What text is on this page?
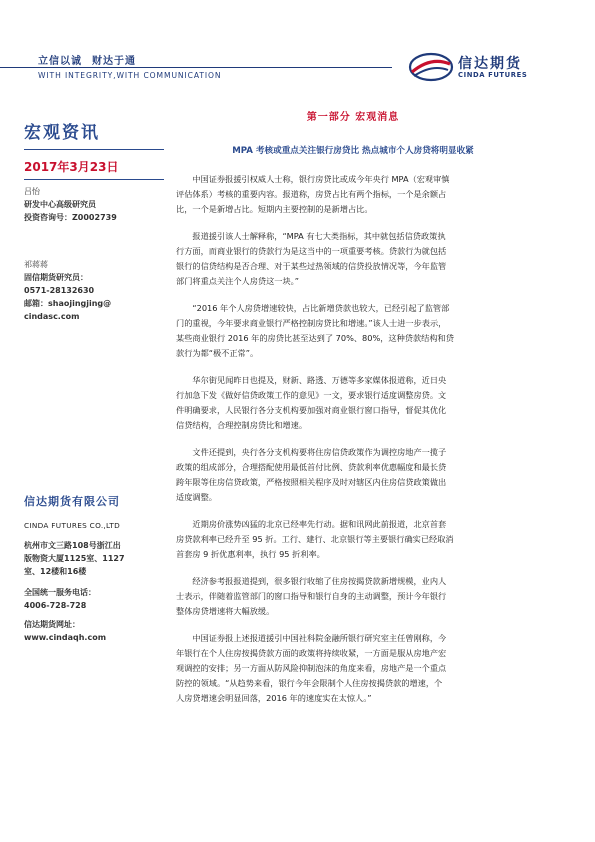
立信以诚 财达于通
WITH INTEGRITY,WITH COMMUNICATION
信达期货
CINDA FUTURES
宏观资讯
2017年3月23日
吕怡
研发中心高级研究员
投资咨询号：Z0002739
祁蒋蒋
固信期货研究员：
0571-28132630
邮箱：shaojingjing@
cindasc.com
信达期货有限公司
CINDA FUTURES CO.,LTD
杭州市文三路108号浙江出
版物资大厦1125室、1127
室、12楼和16楼
全国统一服务电话：
4006-728-728
信达期货网址：
www.cindaqh.com
第一部分 宏观消息
MPA 考核或重点关注银行房贷比 热点城市个人房贷将明显收紧

　　中国证券报援引权威人士称，银行房贷比或成今年央行 MPA（宏观审慎

评估体系）考核的重要内容。报道称，房贷占比有两个指标，一个是余额占

比，一个是新增占比。短期内主要控制的是新增占比。

　　报道援引该人士解释称，“MPA 有七大类指标，其中就包括信贷政策执

行方面，而商业银行的贷款行为是这当中的一项重要考核。贷款行为就包括

银行的信贷结构是否合理、对于某些过热领域的信贷投放情况等，今年监管

部门将重点关注个人房贷这一块。”

　　“2016 年个人房贷增速较快，占比新增贷款也较大，已经引起了监管部

门的重视，今年要求商业银行严格控制房贷比和增速。”该人士进一步表示，

某些商业银行 2016 年的房贷比甚至达到了 70%、80%，这种贷款结构和贷

款行为都“极不正常”。

　　华尔街见闻昨日也提及，财新、路透、万德等多家媒体报道称，近日央

行加急下发《做好信贷政策工作的意见》一文，要求银行适度调整房贷。文

件明确要求，人民银行各分支机构要加强对商业银行窗口指导，督促其优化

信贷结构，合理控制房贷比和增速。

　　文件还提到，央行各分支机构要将住房信贷政策作为调控房地产一揽子

政策的组成部分，合理搭配使用最低首付比例、贷款利率优惠幅度和最长贷

跨年限等住房信贷政策，严格按照相关程序及时对辖区内住房信贷政策做出

适度调整。

　　近期房价涨势凶猛的北京已经率先行动。据和讯网此前报道，北京首套

房贷款利率已经升至 95 折。工行、建行、北京银行等主要银行确实已经取消

首套房 9 折优惠利率，执行 95 折利率。

　　经济参考报报道提到，很多银行收缩了住房按揭贷款新增规模，业内人

士表示，伴随着监管部门的窗口指导和银行自身的主动调整，预计今年银行

整体房贷增速将大幅放缓。

　　中国证券报上述报道援引中国社科院金融所银行研究室主任曾刚称，今

年银行在个人住房按揭贷款方面的政策将持续收紧，一方面是服从房地产宏

观调控的安排；另一方面从防风险抑制泡沫的角度来看，房地产是一个重点

防控的领域。“从趋势来看，银行今年会限制个人住房按揭贷款的增速，个

人房贷增速会明显回落，2016 年的速度实在太惊人。”
